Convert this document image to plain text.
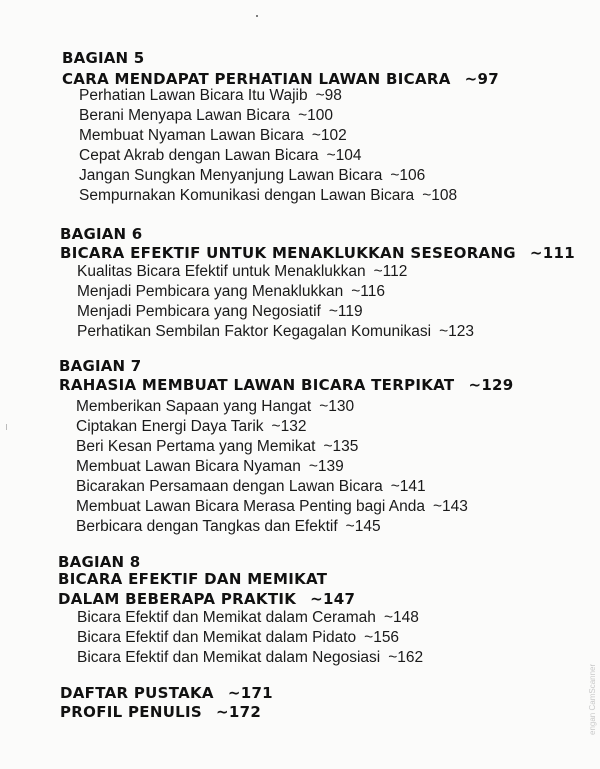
BAGIAN 5
CARA MENDAPAT PERHATIAN LAWAN BICARA ~97
Perhatian Lawan Bicara Itu Wajib ~98
Berani Menyapa Lawan Bicara ~100
Membuat Nyaman Lawan Bicara ~102
Cepat Akrab dengan Lawan Bicara ~104
Jangan Sungkan Menyanjung Lawan Bicara ~106
Sempurnakan Komunikasi dengan Lawan Bicara ~108
BAGIAN 6
BICARA EFEKTIF UNTUK MENAKLUKKAN SESEORANG ~111
Kualitas Bicara Efektif untuk Menaklukkan ~112
Menjadi Pembicara yang Menaklukkan ~116
Menjadi Pembicara yang Negosiatif ~119
Perhatikan Sembilan Faktor Kegagalan Komunikasi ~123
BAGIAN 7
RAHASIA MEMBUAT LAWAN BICARA TERPIKAT ~129
Memberikan Sapaan yang Hangat ~130
Ciptakan Energi Daya Tarik ~132
Beri Kesan Pertama yang Memikat ~135
Membuat Lawan Bicara Nyaman ~139
Bicarakan Persamaan dengan Lawan Bicara ~141
Membuat Lawan Bicara Merasa Penting bagi Anda ~143
Berbicara dengan Tangkas dan Efektif ~145
BAGIAN 8
BICARA EFEKTIF DAN MEMIKAT
DALAM BEBERAPA PRAKTIK ~147
Bicara Efektif dan Memikat dalam Ceramah ~148
Bicara Efektif dan Memikat dalam Pidato ~156
Bicara Efektif dan Memikat dalam Negosiasi ~162
DAFTAR PUSTAKA ~171
PROFIL PENULIS ~172	engan CamScanner
